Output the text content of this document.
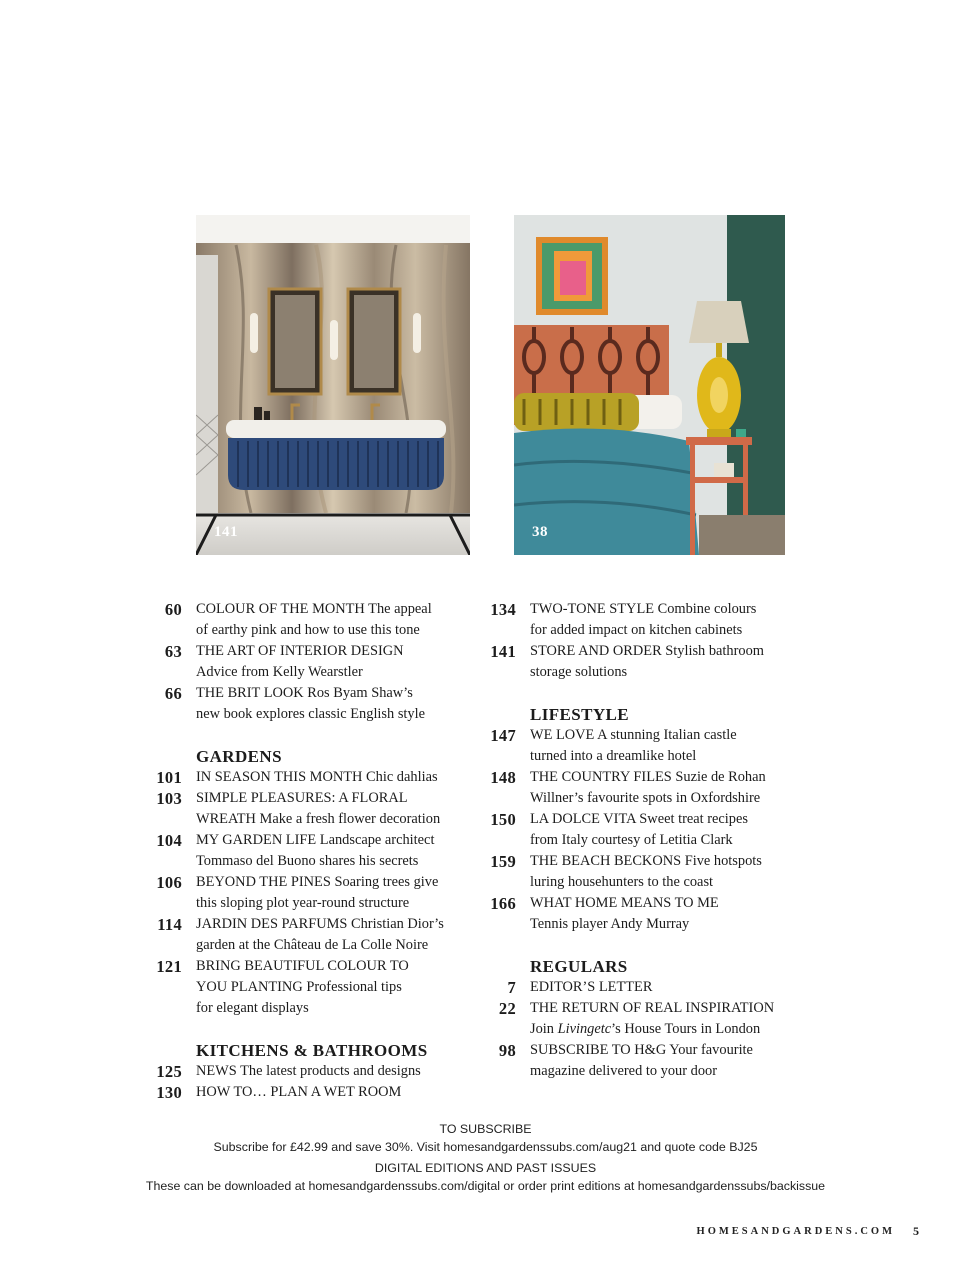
141	38
60 COLOUR OF THE MONTH The appeal
of earthy pink and how to use this tone
63 THE ART OF INTERIOR DESIGN
Advice from Kelly Wearstler
66 THE BRIT LOOK Ros Byam Shaw’s
new book explores classic English style
GARDENS
101 IN SEASON THIS MONTH Chic dahlias
103 SIMPLE PLEASURES: A FLORAL
WREATH Make a fresh flower decoration
104 MY GARDEN LIFE Landscape architect
Tommaso del Buono shares his secrets
106 BEYOND THE PINES Soaring trees give
this sloping plot year-round structure
114 JARDIN DES PARFUMS Christian Dior’s
garden at the Château de La Colle Noire
121 BRING BEAUTIFUL COLOUR TO
YOU PLANTING Professional tips
for elegant displays
KITCHENS & BATHROOMS
125 NEWS The latest products and designs
130 HOW TO… PLAN A WET ROOM
134 TWO-TONE STYLE Combine colours
for added impact on kitchen cabinets
141 STORE AND ORDER Stylish bathroom
storage solutions
LIFESTYLE
147 WE LOVE A stunning Italian castle
turned into a dreamlike hotel
148 THE COUNTRY FILES Suzie de Rohan
Willner’s favourite spots in Oxfordshire
150 LA DOLCE VITA Sweet treat recipes
from Italy courtesy of Letitia Clark
159 THE BEACH BECKONS Five hotspots
luring househunters to the coast
166 WHAT HOME MEANS TO ME
Tennis player Andy Murray
REGULARS
7 EDITOR’S LETTER
22 THE RETURN OF REAL INSPIRATION
Join Livingetc’s House Tours in London
98 SUBSCRIBE TO H&G Your favourite
magazine delivered to your door
TO SUBSCRIBE
Subscribe for £42.99 and save 30%. Visit homesandgardenssubs.com/aug21 and quote code BJ25
DIGITAL EDITIONS AND PAST ISSUES
These can be downloaded at homesandgardenssubs.com/digital or order print editions at homesandgardenssubs/backissue
HOMESANDGARDENS.COM 5
